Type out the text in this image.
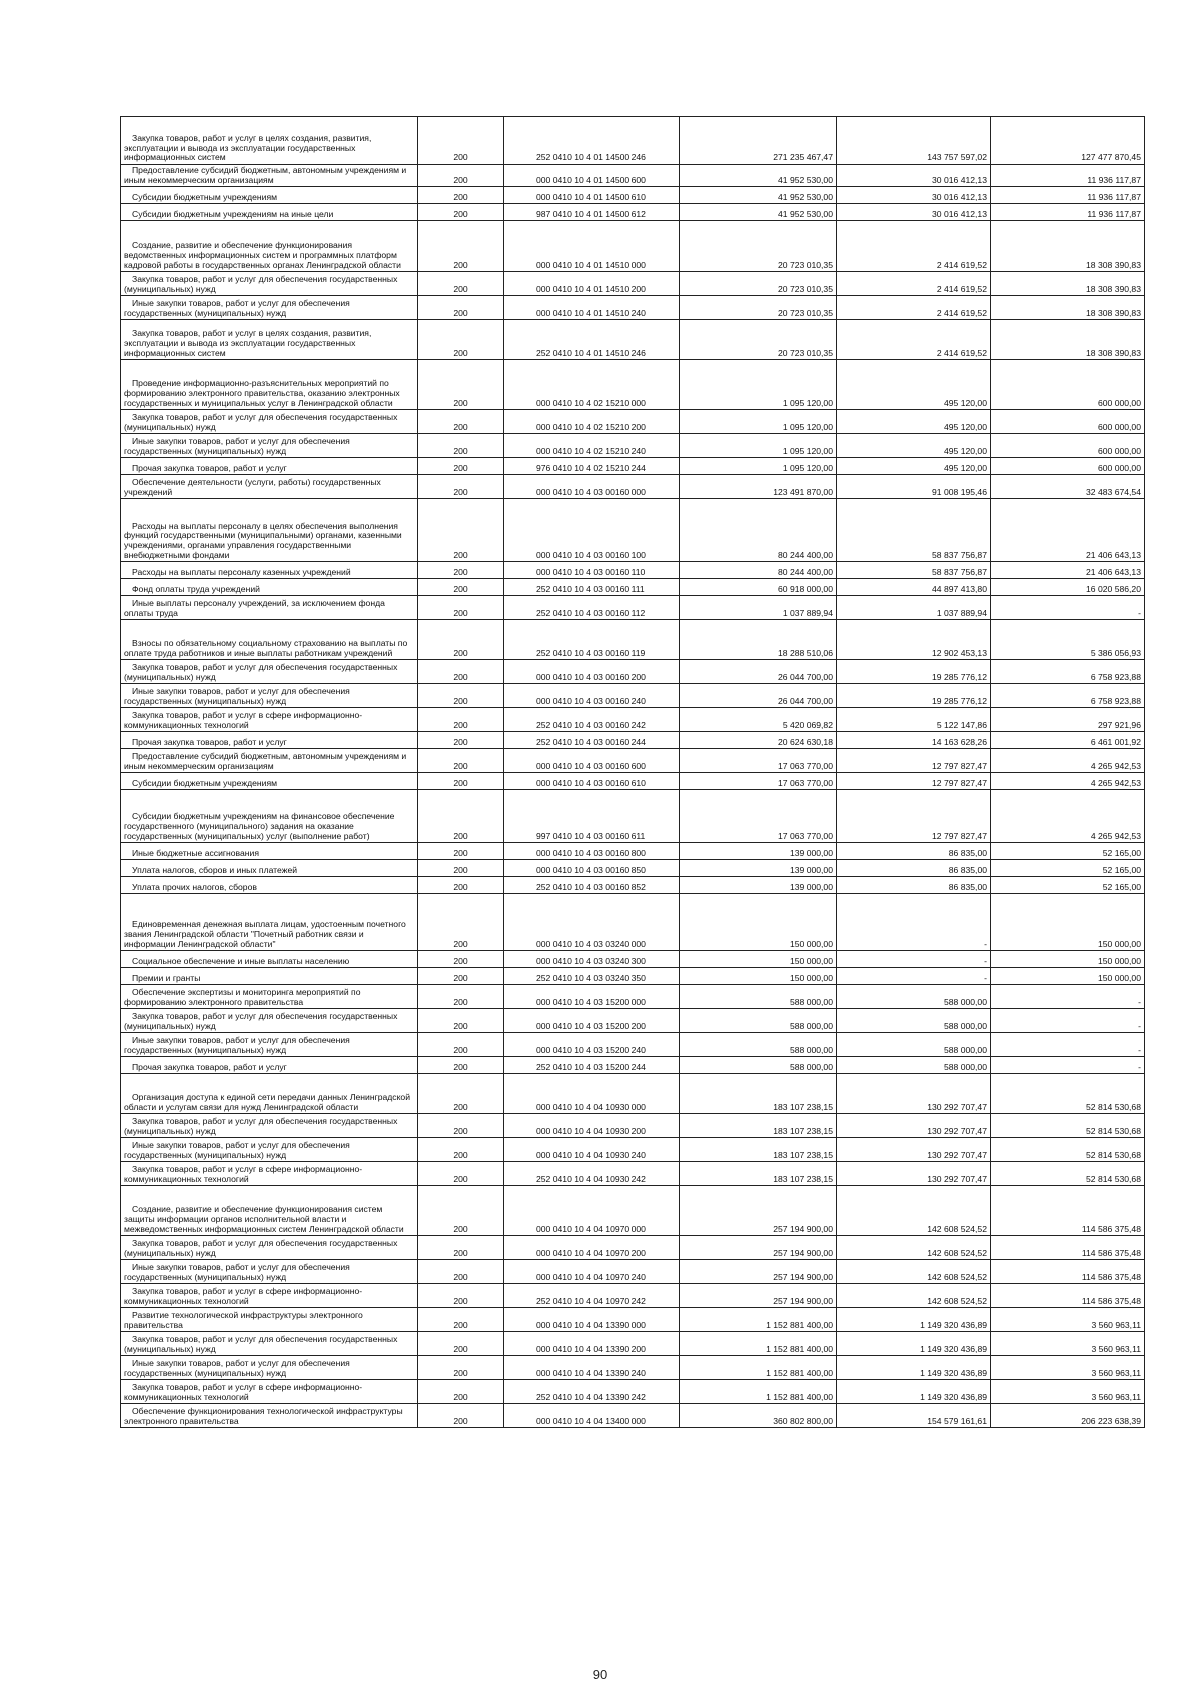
Закупка товаров, работ и услуг в целях создания, развития, эксплуатации и вывода из эксплуатации государственных информационных систем	200	252 0410 10 4 01 14500 246	271 235 467,47	143 757 597,02	127 477 870,45

Предоставление субсидий бюджетным, автономным учреждениям и иным некоммерческим организациям	200	000 0410 10 4 01 14500 600	41 952 530,00	30 016 412,13	11 936 117,87

Субсидии бюджетным учреждениям	200	000 0410 10 4 01 14500 610	41 952 530,00	30 016 412,13	11 936 117,87

Субсидии бюджетным учреждениям на иные цели	200	987 0410 10 4 01 14500 612	41 952 530,00	30 016 412,13	11 936 117,87

Создание, развитие и обеспечение функционирования ведомственных информационных систем и программных платформ кадровой работы в государственных органах Ленинградской области	200	000 0410 10 4 01 14510 000	20 723 010,35	2 414 619,52	18 308 390,83

Закупка товаров, работ и услуг для обеспечения государственных (муниципальных) нужд	200	000 0410 10 4 01 14510 200	20 723 010,35	2 414 619,52	18 308 390,83

Иные закупки товаров, работ и услуг для обеспечения государственных (муниципальных) нужд	200	000 0410 10 4 01 14510 240	20 723 010,35	2 414 619,52	18 308 390,83

Закупка товаров, работ и услуг в целях создания, развития, эксплуатации и вывода из эксплуатации государственных информационных систем	200	252 0410 10 4 01 14510 246	20 723 010,35	2 414 619,52	18 308 390,83

Проведение информационно-разъяснительных мероприятий по формированию электронного правительства, оказанию электронных государственных и муниципальных услуг в Ленинградской области	200	000 0410 10 4 02 15210 000	1 095 120,00	495 120,00	600 000,00

Закупка товаров, работ и услуг для обеспечения государственных (муниципальных) нужд	200	000 0410 10 4 02 15210 200	1 095 120,00	495 120,00	600 000,00

Иные закупки товаров, работ и услуг для обеспечения государственных (муниципальных) нужд	200	000 0410 10 4 02 15210 240	1 095 120,00	495 120,00	600 000,00

Прочая закупка товаров, работ и услуг	200	976 0410 10 4 02 15210 244	1 095 120,00	495 120,00	600 000,00

Обеспечение деятельности (услуги, работы) государственных учреждений	200	000 0410 10 4 03 00160 000	123 491 870,00	91 008 195,46	32 483 674,54

Расходы на выплаты персоналу в целях обеспечения выполнения функций государственными (муниципальными) органами, казенными учреждениями, органами управления государственными внебюджетными фондами	200	000 0410 10 4 03 00160 100	80 244 400,00	58 837 756,87	21 406 643,13

Расходы на выплаты персоналу казенных учреждений	200	000 0410 10 4 03 00160 110	80 244 400,00	58 837 756,87	21 406 643,13

Фонд оплаты труда учреждений	200	252 0410 10 4 03 00160 111	60 918 000,00	44 897 413,80	16 020 586,20

Иные выплаты персоналу учреждений, за исключением фонда оплаты труда	200	252 0410 10 4 03 00160 112	1 037 889,94	1 037 889,94	-

Взносы по обязательному социальному страхованию на выплаты по оплате труда работников и иные выплаты работникам учреждений	200	252 0410 10 4 03 00160 119	18 288 510,06	12 902 453,13	5 386 056,93

Закупка товаров, работ и услуг для обеспечения государственных (муниципальных) нужд	200	000 0410 10 4 03 00160 200	26 044 700,00	19 285 776,12	6 758 923,88

Иные закупки товаров, работ и услуг для обеспечения государственных (муниципальных) нужд	200	000 0410 10 4 03 00160 240	26 044 700,00	19 285 776,12	6 758 923,88

Закупка товаров, работ и услуг в сфере информационно-коммуникационных технологий	200	252 0410 10 4 03 00160 242	5 420 069,82	5 122 147,86	297 921,96

Прочая закупка товаров, работ и услуг	200	252 0410 10 4 03 00160 244	20 624 630,18	14 163 628,26	6 461 001,92

Предоставление субсидий бюджетным, автономным учреждениям и иным некоммерческим организациям	200	000 0410 10 4 03 00160 600	17 063 770,00	12 797 827,47	4 265 942,53

Субсидии бюджетным учреждениям	200	000 0410 10 4 03 00160 610	17 063 770,00	12 797 827,47	4 265 942,53

Субсидии бюджетным учреждениям на финансовое обеспечение государственного (муниципального) задания на оказание государственных (муниципальных) услуг (выполнение работ)	200	997 0410 10 4 03 00160 611	17 063 770,00	12 797 827,47	4 265 942,53

Иные бюджетные ассигнования	200	000 0410 10 4 03 00160 800	139 000,00	86 835,00	52 165,00

Уплата налогов, сборов и иных платежей	200	000 0410 10 4 03 00160 850	139 000,00	86 835,00	52 165,00

Уплата прочих налогов, сборов	200	252 0410 10 4 03 00160 852	139 000,00	86 835,00	52 165,00

Единовременная денежная выплата лицам, удостоенным почетного звания Ленинградской области "Почетный работник связи и информации Ленинградской области"	200	000 0410 10 4 03 03240 000	150 000,00	-	150 000,00

Социальное обеспечение и иные выплаты населению	200	000 0410 10 4 03 03240 300	150 000,00	-	150 000,00

Премии и гранты	200	252 0410 10 4 03 03240 350	150 000,00	-	150 000,00

Обеспечение экспертизы и мониторинга мероприятий по формированию электронного правительства	200	000 0410 10 4 03 15200 000	588 000,00	588 000,00	-

Закупка товаров, работ и услуг для обеспечения государственных (муниципальных) нужд	200	000 0410 10 4 03 15200 200	588 000,00	588 000,00	-

Иные закупки товаров, работ и услуг для обеспечения государственных (муниципальных) нужд	200	000 0410 10 4 03 15200 240	588 000,00	588 000,00	-

Прочая закупка товаров, работ и услуг	200	252 0410 10 4 03 15200 244	588 000,00	588 000,00	-

Организация доступа к единой сети передачи данных Ленинградской области и услугам связи для нужд Ленинградской области	200	000 0410 10 4 04 10930 000	183 107 238,15	130 292 707,47	52 814 530,68

Закупка товаров, работ и услуг для обеспечения государственных (муниципальных) нужд	200	000 0410 10 4 04 10930 200	183 107 238,15	130 292 707,47	52 814 530,68

Иные закупки товаров, работ и услуг для обеспечения государственных (муниципальных) нужд	200	000 0410 10 4 04 10930 240	183 107 238,15	130 292 707,47	52 814 530,68

Закупка товаров, работ и услуг в сфере информационно-коммуникационных технологий	200	252 0410 10 4 04 10930 242	183 107 238,15	130 292 707,47	52 814 530,68

Создание, развитие и обеспечение функционирования систем защиты информации органов исполнительной власти и межведомственных информационных систем Ленинградской области	200	000 0410 10 4 04 10970 000	257 194 900,00	142 608 524,52	114 586 375,48

Закупка товаров, работ и услуг для обеспечения государственных (муниципальных) нужд	200	000 0410 10 4 04 10970 200	257 194 900,00	142 608 524,52	114 586 375,48

Иные закупки товаров, работ и услуг для обеспечения государственных (муниципальных) нужд	200	000 0410 10 4 04 10970 240	257 194 900,00	142 608 524,52	114 586 375,48

Закупка товаров, работ и услуг в сфере информационно-коммуникационных технологий	200	252 0410 10 4 04 10970 242	257 194 900,00	142 608 524,52	114 586 375,48

Развитие технологической инфраструктуры электронного правительства	200	000 0410 10 4 04 13390 000	1 152 881 400,00	1 149 320 436,89	3 560 963,11

Закупка товаров, работ и услуг для обеспечения государственных (муниципальных) нужд	200	000 0410 10 4 04 13390 200	1 152 881 400,00	1 149 320 436,89	3 560 963,11

Иные закупки товаров, работ и услуг для обеспечения государственных (муниципальных) нужд	200	000 0410 10 4 04 13390 240	1 152 881 400,00	1 149 320 436,89	3 560 963,11

Закупка товаров, работ и услуг в сфере информационно-коммуникационных технологий	200	252 0410 10 4 04 13390 242	1 152 881 400,00	1 149 320 436,89	3 560 963,11

Обеспечение функционирования технологической инфраструктуры электронного правительства	200	000 0410 10 4 04 13400 000	360 802 800,00	154 579 161,61	206 223 638,39
90
